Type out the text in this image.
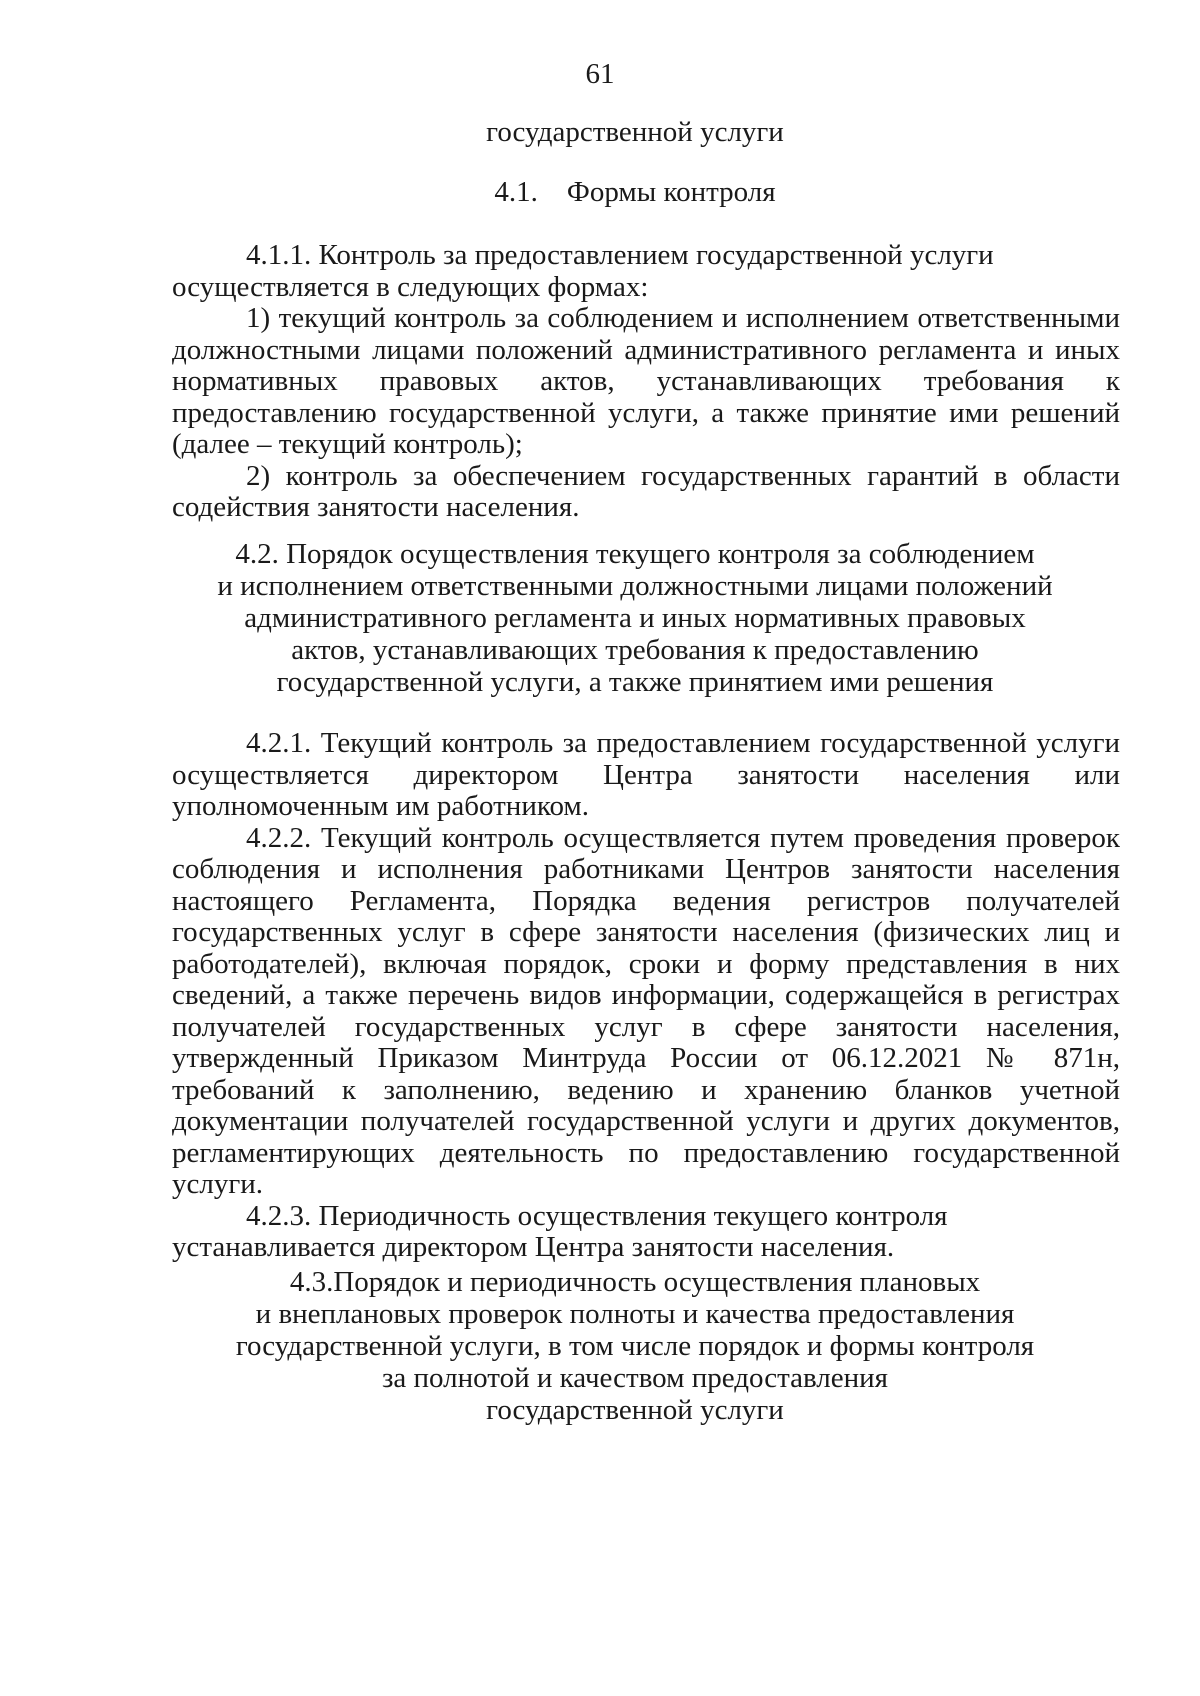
61

государственной услуги

4.1.    Формы контроля

4.1.1. Контроль за предоставлением государственной услуги

осуществляется в следующих формах:

1) текущий контроль за соблюдением и исполнением ответственными должностными лицами положений административного регламента и иных нормативных правовых актов, устанавливающих требования к предоставлению государственной услуги, а также принятие ими решений (далее – текущий контроль);

2) контроль за обеспечением государственных гарантий в области содействия занятости населения.

4.2. Порядок осуществления текущего контроля за соблюдением

и исполнением ответственными должностными лицами положений

административного регламента и иных нормативных правовых

актов, устанавливающих требования к предоставлению

государственной услуги, а также принятием ими решения

4.2.1. Текущий контроль за предоставлением государственной услуги осуществляется директором Центра занятости населения или уполномоченным им работником.

4.2.2. Текущий контроль осуществляется путем проведения проверок соблюдения и исполнения работниками Центров занятости населения настоящего Регламента, Порядка ведения регистров получателей государственных услуг в сфере занятости населения (физических лиц и работодателей), включая порядок, сроки и форму представления в них сведений, а также перечень видов информации, содержащейся в регистрах получателей государственных услуг в сфере занятости населения, утвержденный Приказом Минтруда России от 06.12.2021 № 871н, требований к заполнению, ведению и хранению бланков учетной документации получателей государственной услуги и других документов, регламентирующих деятельность по предоставлению государственной услуги.

4.2.3. Периодичность осуществления текущего контроля

устанавливается директором Центра занятости населения.

4.3.Порядок и периодичность осуществления плановых

и внеплановых проверок полноты и качества предоставления

государственной услуги, в том числе порядок и формы контроля

за полнотой и качеством предоставления

государственной услуги
